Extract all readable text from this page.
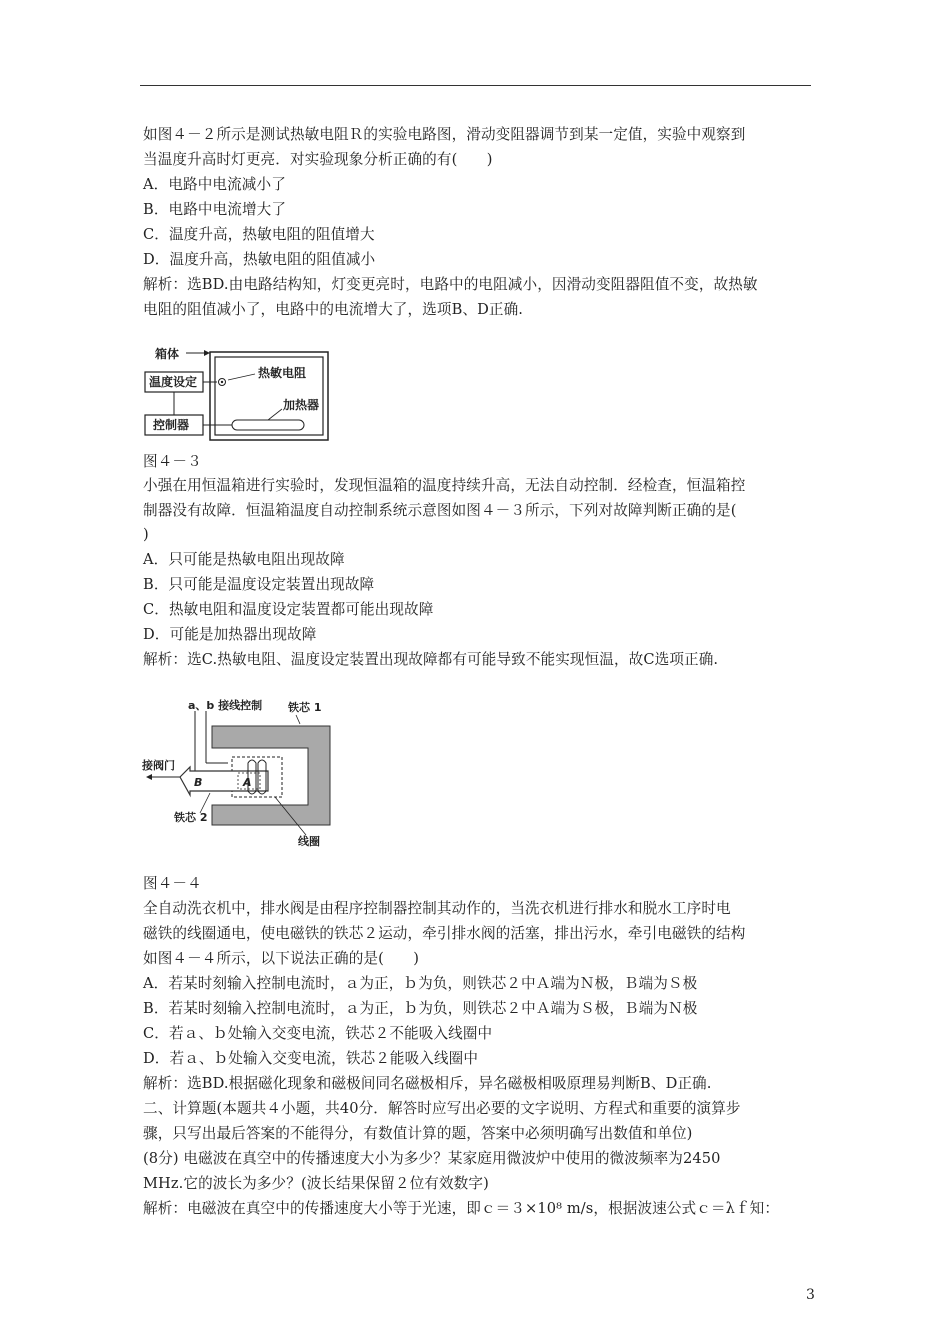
如图４－２所示是测试热敏电阻Ｒ的实验电路图，滑动变阻器调节到某一定值，实验中观察到
当温度升高时灯更亮．对实验现象分析正确的有(　　)
A．电路中电流减小了
B．电路中电流增大了
C．温度升高，热敏电阻的阻值增大
D．温度升高，热敏电阻的阻值减小
解析：选BD.由电路结构知，灯变更亮时，电路中的电阻减小，因滑动变阻器阻值不变，故热敏
电阻的阻值减小了，电路中的电流增大了，选项B、D正确.
箱体
温度设定
热敏电阻
控制器
加热器
图４－３
小强在用恒温箱进行实验时，发现恒温箱的温度持续升高，无法自动控制．经检查，恒温箱控
制器没有故障．恒温箱温度自动控制系统示意图如图４－３所示，下列对故障判断正确的是(
)
A．只可能是热敏电阻出现故障
B．只可能是温度设定装置出现故障
C．热敏电阻和温度设定装置都可能出现故障
D．可能是加热器出现故障
解析：选C.热敏电阻、温度设定装置出现故障都有可能导致不能实现恒温，故C选项正确.
a、b 接线控制 铁芯 1
B	A
接阀门
铁芯 2
线圈
图４－４
全自动洗衣机中，排水阀是由程序控制器控制其动作的，当洗衣机进行排水和脱水工序时电
磁铁的线圈通电，使电磁铁的铁芯２运动，牵引排水阀的活塞，排出污水，牵引电磁铁的结构
如图４－４所示，以下说法正确的是(　　)
A．若某时刻输入控制电流时，ａ为正，ｂ为负，则铁芯２中Ａ端为Ｎ极，Ｂ端为Ｓ极
B．若某时刻输入控制电流时，ａ为正，ｂ为负，则铁芯２中Ａ端为Ｓ极，Ｂ端为Ｎ极
C．若ａ、ｂ处输入交变电流，铁芯２不能吸入线圈中
D．若ａ、ｂ处输入交变电流，铁芯２能吸入线圈中
解析：选BD.根据磁化现象和磁极间同名磁极相斥，异名磁极相吸原理易判断B、D正确.
二、计算题(本题共４小题，共40分．解答时应写出必要的文字说明、方程式和重要的演算步
骤，只写出最后答案的不能得分，有数值计算的题，答案中必须明确写出数值和单位)
(8分) 电磁波在真空中的传播速度大小为多少？某家庭用微波炉中使用的微波频率为2450
MHz.它的波长为多少？(波长结果保留２位有效数字)
解析：电磁波在真空中的传播速度大小等于光速，即ｃ＝３×10⁸ m/s，根据波速公式ｃ＝λｆ知：
3
